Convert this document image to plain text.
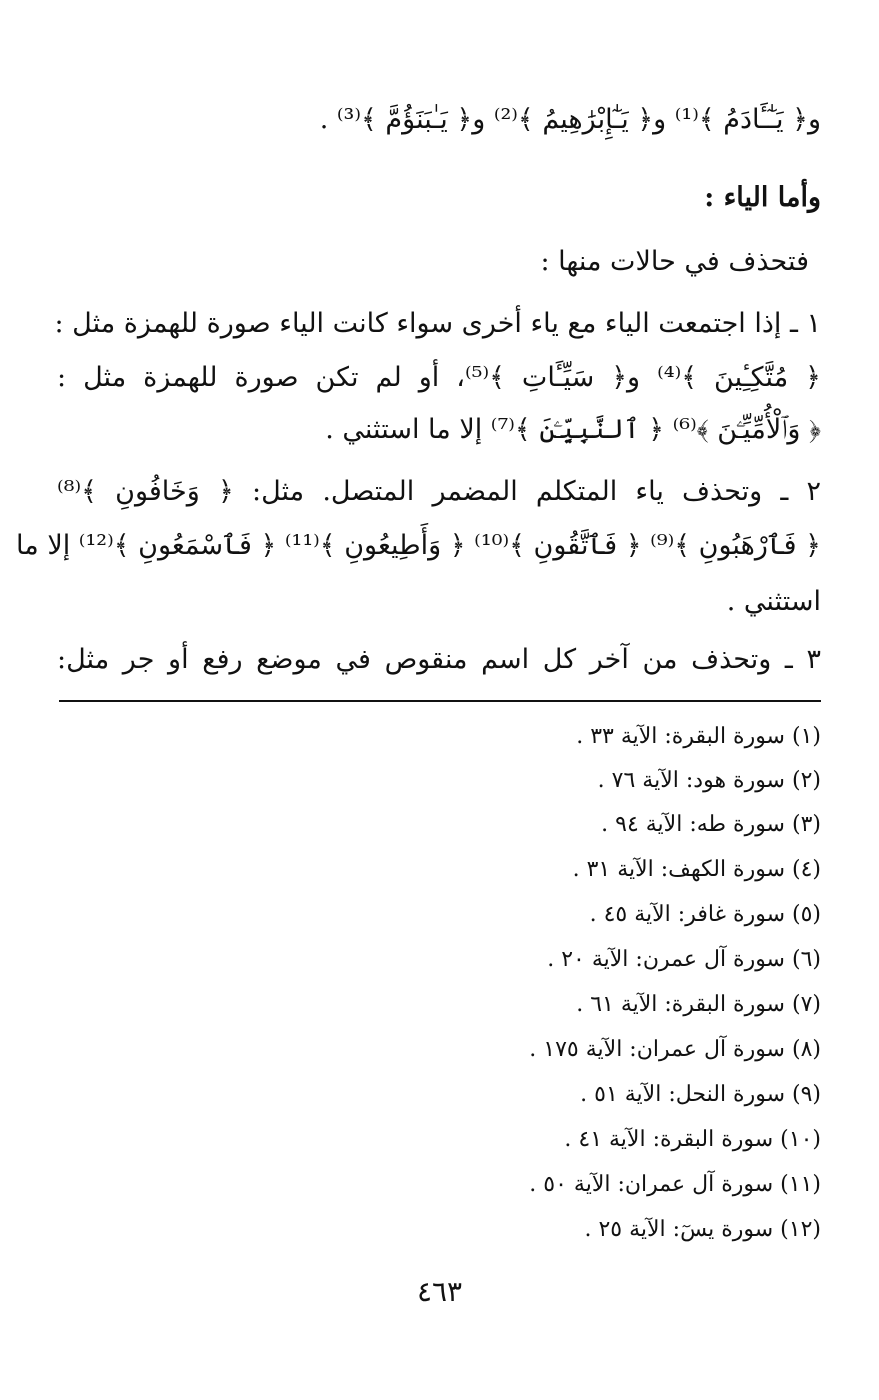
و﴿ يَـٰٓـَٔادَمُ ﴾⁽¹⁾ و﴿ يَـٰٓإِبْرَٰهِيمُ ﴾⁽²⁾ و﴿ يَـٰبَنَؤُمَّ ﴾⁽³⁾ .
وأما الياء :
فتحذف في حالات منها :
١ ـ إذا اجتمعت الياء مع ياء أخرى سواء كانت الياء صورة للهمزة مثل :
﴿ مُتَّكِـِٔينَ ﴾⁽⁴⁾ و﴿ سَيِّـَٔاتِ ﴾⁽⁵⁾، أو لم تكن صورة للهمزة مثل :
﴿ وَٱلْأُمِّيِّـۧنَ ﴾⁽⁶⁾ ﴿ ٱلنَّبِيِّـۧنَ ﴾⁽⁷⁾ إلا ما استثني .
٢ ـ وتحذف ياء المتكلم المضمر المتصل. مثل: ﴿ وَخَافُونِ ﴾⁽⁸⁾
﴿ فَٱرْهَبُونِ ﴾⁽⁹⁾ ﴿ فَٱتَّقُونِ ﴾⁽¹⁰⁾ ﴿ وَأَطِيعُونِ ﴾⁽¹¹⁾ ﴿ فَٱسْمَعُونِ ﴾⁽¹²⁾ إلا ما
استثني .
٣ ـ وتحذف من آخر كل اسم منقوص في موضع رفع أو جر مثل:
(١) سورة البقرة: الآية ٣٣ .
(٢) سورة هود: الآية ٧٦ .
(٣) سورة طه: الآية ٩٤ .
(٤) سورة الكهف: الآية ٣١ .
(٥) سورة غافر: الآية ٤٥ .
(٦) سورة آل عمرن: الآية ٢٠ .
(٧) سورة البقرة: الآية ٦١ .
(٨) سورة آل عمران: الآية ١٧٥ .
(٩) سورة النحل: الآية ٥١ .
(١٠) سورة البقرة: الآية ٤١ .
(١١) سورة آل عمران: الآية ٥٠ .
(١٢) سورة يسٓ: الآية ٢٥ .
٤٦٣
